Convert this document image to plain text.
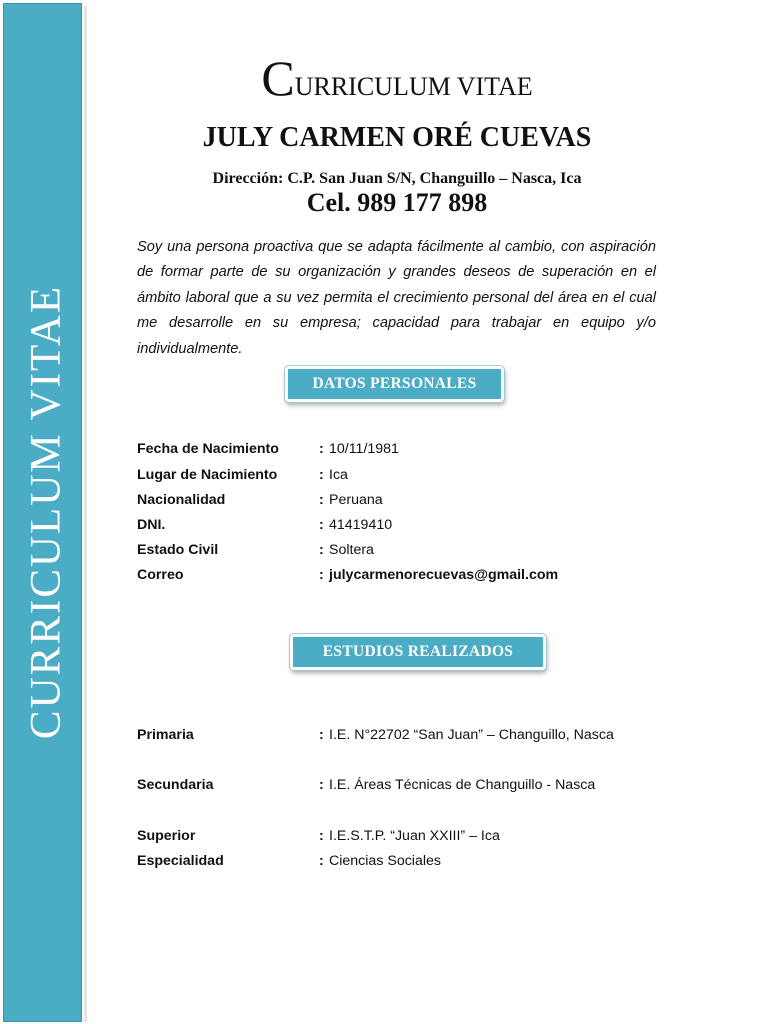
CURRICULUM VITAE
CURRICULUM VITAE
JULY CARMEN ORÉ CUEVAS
Dirección: C.P. San Juan S/N, Changuillo – Nasca, Ica
Cel. 989 177 898

Soy una persona proactiva que se adapta fácilmente al cambio, con aspiración de formar parte de su organización y grandes deseos de superación en el ámbito laboral que a su vez permita el crecimiento personal del área en el cual me desarrolle en su empresa; capacidad para trabajar en equipo y/o individualmente.

DATOS PERSONALES
Fecha de Nacimiento	: 10/11/1981
Lugar de Nacimiento	: Ica
Nacionalidad	: Peruana
DNI.	: 41419410
Estado Civil	: Soltera
Correo	: julycarmenorecuevas@gmail.com
ESTUDIOS REALIZADOS
Primaria	: I.E. N°22702 “San Juan” – Changuillo, Nasca
Secundaria	: I.E. Áreas Técnicas de Changuillo - Nasca
Superior	: I.E.S.T.P. “Juan XXIII” – Ica
Especialidad	: Ciencias Sociales
